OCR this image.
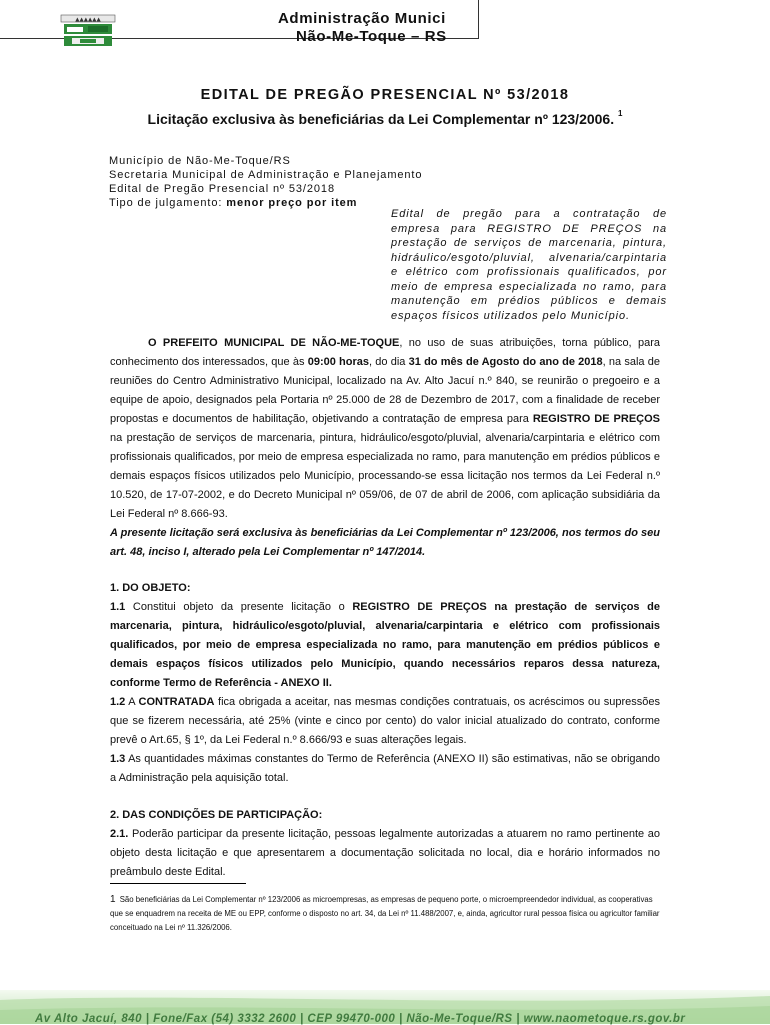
▲▲▲▲▲▲	Administração Munici
Não-Me-Toque – RS
EDITAL DE PREGÃO PRESENCIAL Nº 53/2018
Licitação exclusiva às beneficiárias da Lei Complementar nº 123/2006. $^1$
Município de Não-Me-Toque/RS
Secretaria Municipal de Administração e Planejamento
Edital de Pregão Presencial nº 53/2018
Tipo de julgamento: menor preço por item
Edital de pregão para a contratação de empresa para REGISTRO DE PREÇOS na prestação de serviços de marcenaria, pintura, hidráulico/esgoto/pluvial, alvenaria/carpintaria e elétrico com profissionais qualificados, por meio de empresa especializada no ramo, para manutenção em prédios públicos e demais espaços físicos utilizados pelo Município.

O PREFEITO MUNICIPAL DE NÃO-ME-TOQUE, no uso de suas atribuições, torna público, para conhecimento dos interessados, que às 09:00 horas, do dia 31 do mês de Agosto do ano de 2018, na sala de reuniões do Centro Administrativo Municipal, localizado na Av. Alto Jacuí n.º 840, se reunirão o pregoeiro e a equipe de apoio, designados pela Portaria nº 25.000 de 28 de Dezembro de 2017, com a finalidade de receber propostas e documentos de habilitação, objetivando a contratação de empresa para REGISTRO DE PREÇOS na prestação de serviços de marcenaria, pintura, hidráulico/esgoto/pluvial, alvenaria/carpintaria e elétrico com profissionais qualificados, por meio de empresa especializada no ramo, para manutenção em prédios públicos e demais espaços físicos utilizados pelo Município, processando-se essa licitação nos termos da Lei Federal n.º 10.520, de 17-07-2002, e do Decreto Municipal nº 059/06, de 07 de abril de 2006, com aplicação subsidiária da Lei Federal nº 8.666-93.

A presente licitação será exclusiva às beneficiárias da Lei Complementar nº 123/2006, nos termos do seu art. 48, inciso I, alterado pela Lei Complementar nº 147/2014.

1. DO OBJETO:

1.1 Constitui objeto da presente licitação o REGISTRO DE PREÇOS na prestação de serviços de marcenaria, pintura, hidráulico/esgoto/pluvial, alvenaria/carpintaria e elétrico com profissionais qualificados, por meio de empresa especializada no ramo, para manutenção em prédios públicos e demais espaços físicos utilizados pelo Município, quando necessários reparos dessa natureza, conforme Termo de Referência - ANEXO II.

1.2 A CONTRATADA fica obrigada a aceitar, nas mesmas condições contratuais, os acréscimos ou supressões que se fizerem necessária, até 25% (vinte e cinco por cento) do valor inicial atualizado do contrato, conforme prevê o Art.65, § 1º, da Lei Federal n.º 8.666/93 e suas alterações legais.

1.3 As quantidades máximas constantes do Termo de Referência (ANEXO II) são estimativas, não se obrigando a Administração pela aquisição total.

2. DAS CONDIÇÕES DE PARTICIPAÇÃO:

2.1. Poderão participar da presente licitação, pessoas legalmente autorizadas a atuarem no ramo pertinente ao objeto desta licitação e que apresentarem a documentação solicitada no local, dia e horário informados no preâmbulo deste Edital.

1 São beneficiárias da Lei Complementar nº 123/2006 as microempresas, as empresas de pequeno porte, o microempreendedor individual, as cooperativas que se enquadrem na receita de ME ou EPP, conforme o disposto no art. 34, da Lei nº 11.488/2007, e, ainda, agricultor rural pessoa física ou agricultor familiar conceituado na Lei nº 11.326/2006.
Av Alto Jacuí, 840 | Fone/Fax (54) 3332 2600 | CEP 99470-000 | Não-Me-Toque/RS | www.naometoque.rs.gov.br
